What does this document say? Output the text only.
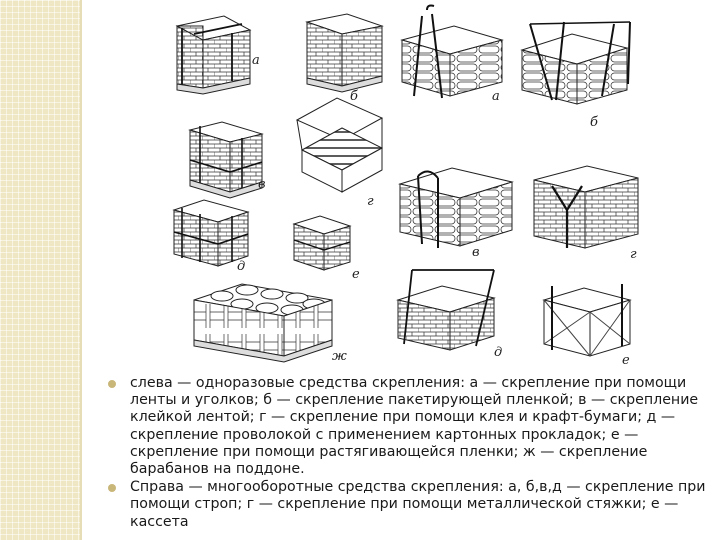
а
б
в
г
д
е
ж
а
б
в	г
д
е
слева — одноразовые средства скрепления: а — скрепление при помощи ленты и уголков; б — скрепление пакетирующей пленкой; в — скрепление клейкой лентой; г — скрепление при помощи клея и крафт-бумаги; д — скрепление проволокой с применением картонных прокладок; е — скрепление при помощи растягивающейся пленки; ж — скрепление барабанов на поддоне.
Справа — многооборотные средства скрепления: а, б,в,д — скрепление при помощи строп; г — скрепление при помощи металлической стяжки; е — кассета
